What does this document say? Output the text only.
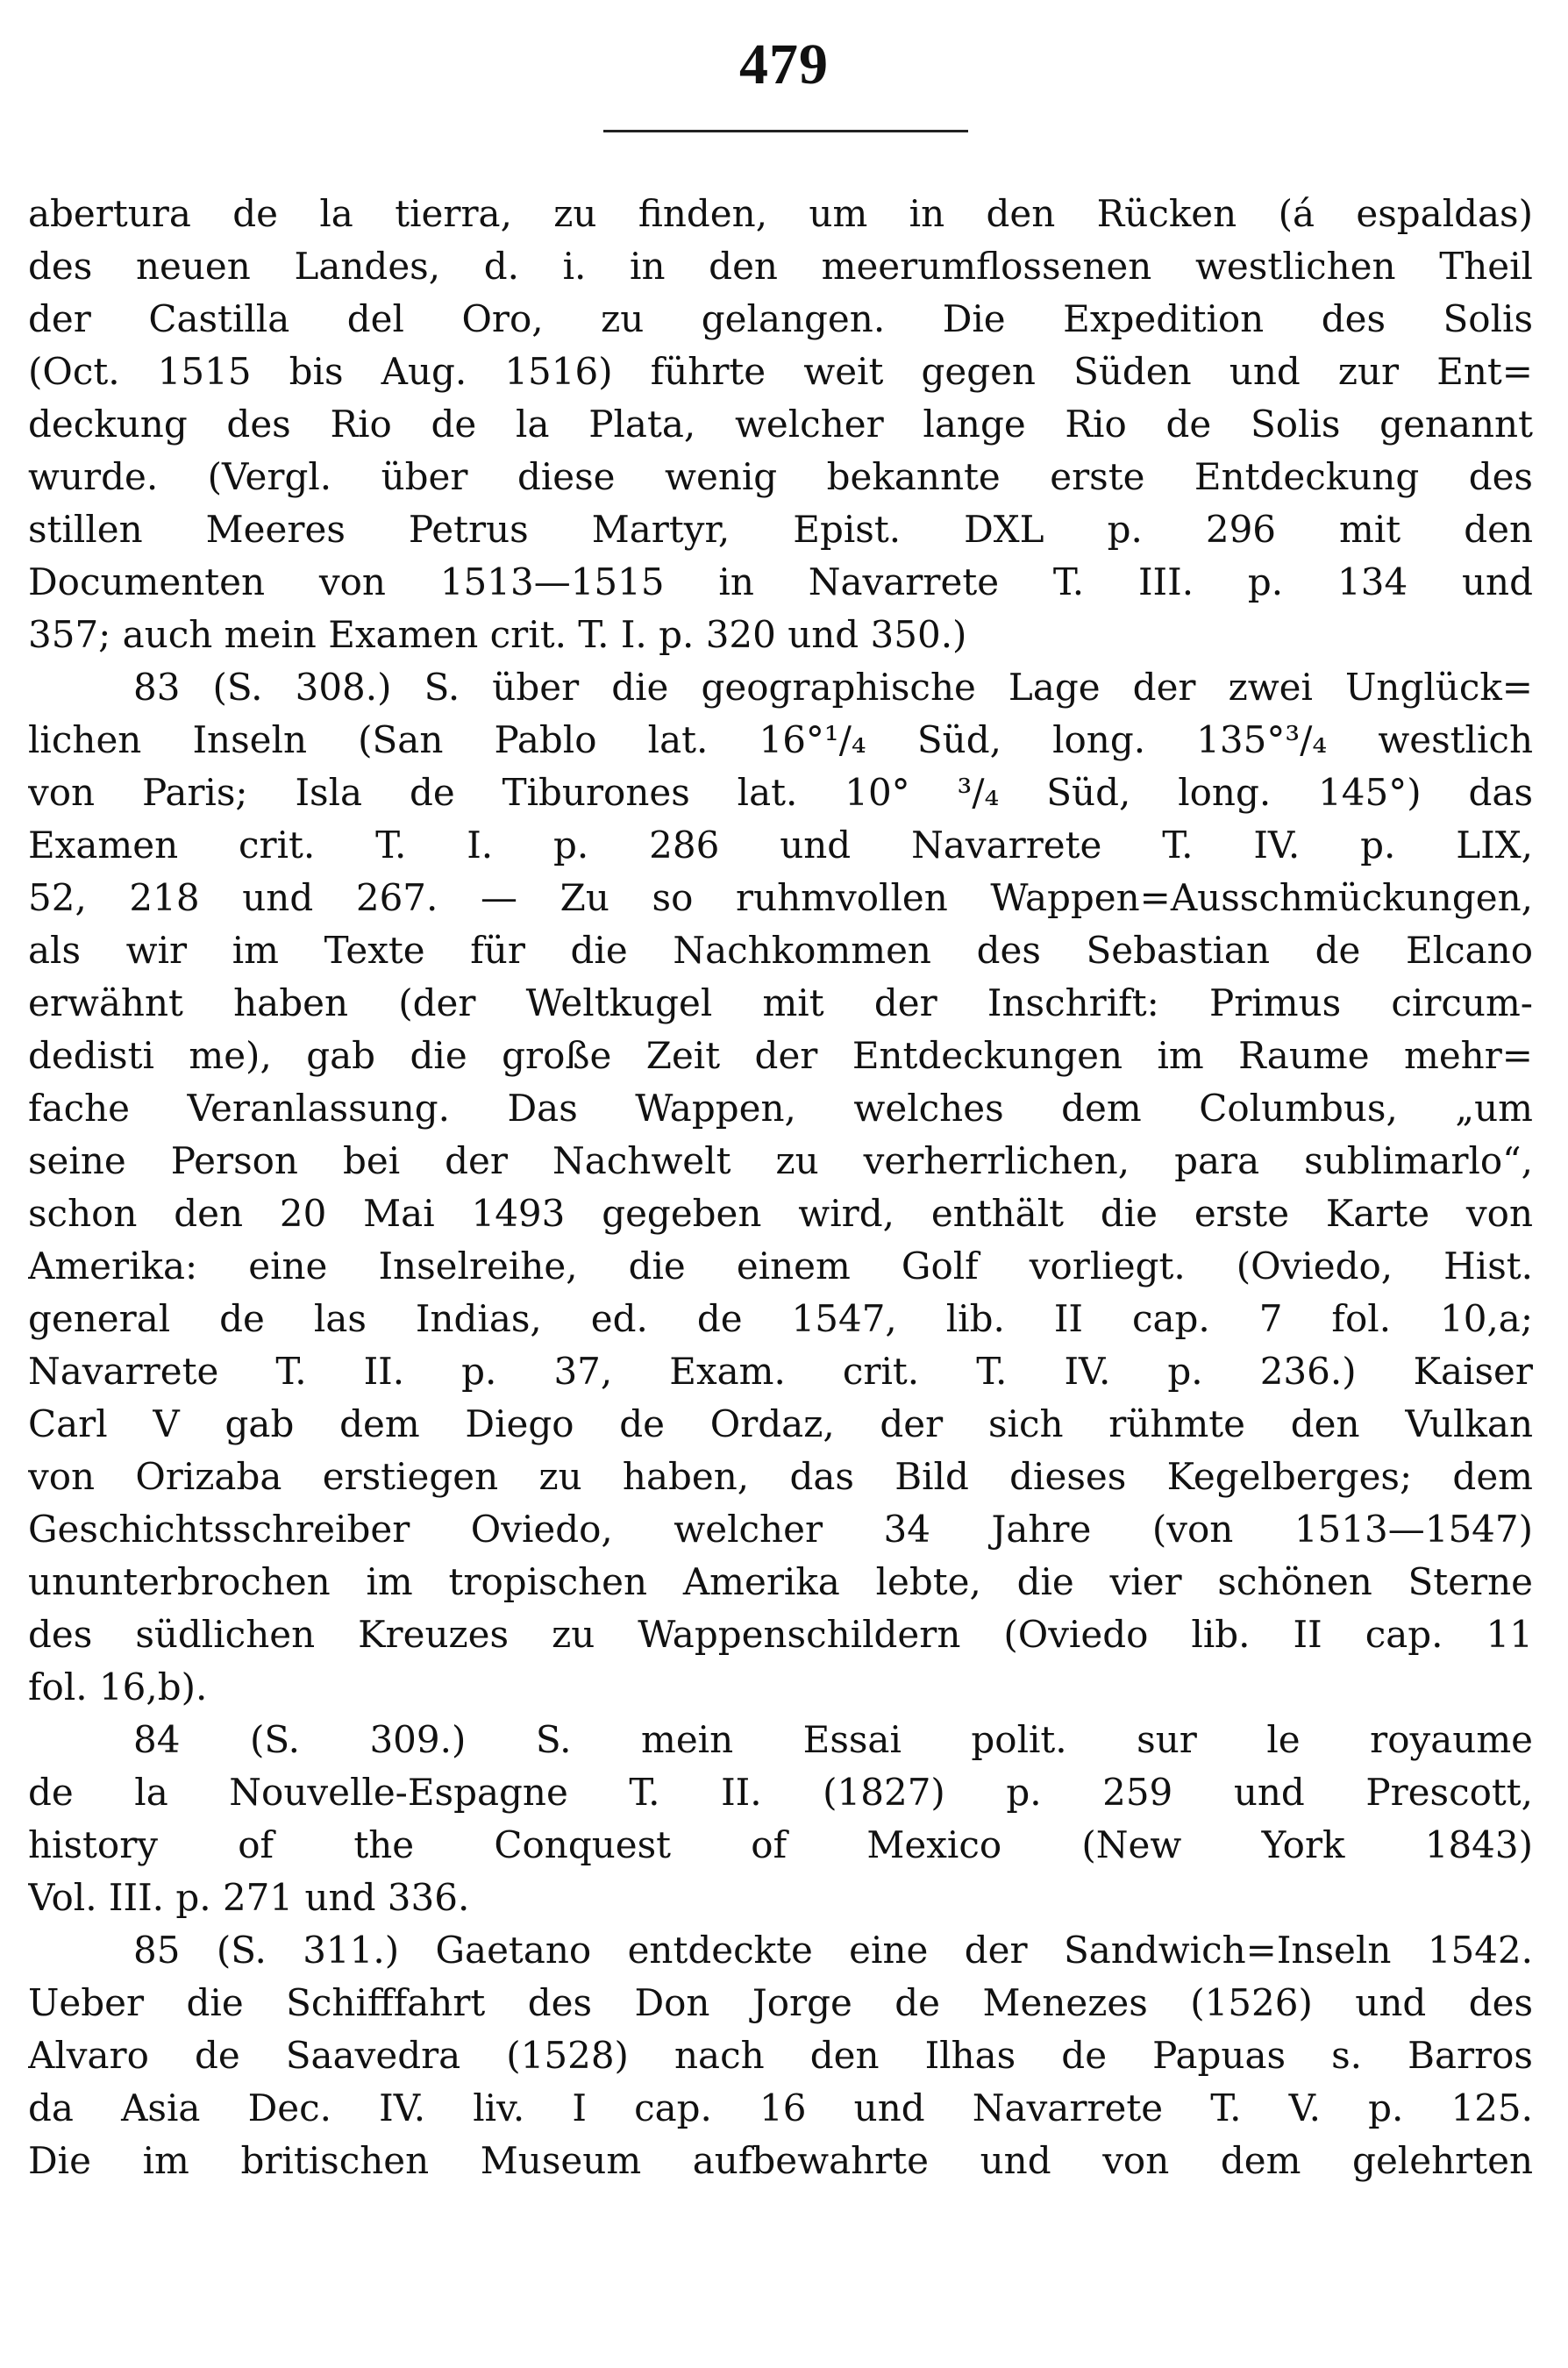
479
abertura de la tierra, zu finden, um in den Rücken (á espaldas)
des neuen Landes, d. i. in den meerumflossenen westlichen Theil
der Castilla del Oro, zu gelangen. Die Expedition des Solis
(Oct. 1515 bis Aug. 1516) führte weit gegen Süden und zur Ent=
deckung des Rio de la Plata, welcher lange Rio de Solis genannt
wurde. (Vergl. über diese wenig bekannte erste Entdeckung des
stillen Meeres Petrus Martyr, Epist. DXL p. 296 mit den
Documenten von 1513—1515 in Navarrete T. III. p. 134 und
357; auch mein Examen crit. T. I. p. 320 und 350.)
83 (S. 308.) S. über die geographische Lage der zwei Unglück=
lichen Inseln (San Pablo lat. 16°¹/₄ Süd, long. 135°³/₄ westlich
von Paris; Isla de Tiburones lat. 10° ³/₄ Süd, long. 145°) das
Examen crit. T. I. p. 286 und Navarrete T. IV. p. LIX,
52, 218 und 267. — Zu so ruhmvollen Wappen=Ausschmückungen,
als wir im Texte für die Nachkommen des Sebastian de Elcano
erwähnt haben (der Weltkugel mit der Inschrift: Primus circum-
dedisti me), gab die große Zeit der Entdeckungen im Raume mehr=
fache Veranlassung. Das Wappen, welches dem Columbus, „um
seine Person bei der Nachwelt zu verherrlichen, para sublimarlo“,
schon den 20 Mai 1493 gegeben wird, enthält die erste Karte von
Amerika: eine Inselreihe, die einem Golf vorliegt. (Oviedo, Hist.
general de las Indias, ed. de 1547, lib. II cap. 7 fol. 10,a;
Navarrete T. II. p. 37, Exam. crit. T. IV. p. 236.) Kaiser
Carl V gab dem Diego de Ordaz, der sich rühmte den Vulkan
von Orizaba erstiegen zu haben, das Bild dieses Kegelberges; dem
Geschichtsschreiber Oviedo, welcher 34 Jahre (von 1513—1547)
ununterbrochen im tropischen Amerika lebte, die vier schönen Sterne
des südlichen Kreuzes zu Wappenschildern (Oviedo lib. II cap. 11
fol. 16,b).
84 (S. 309.) S. mein Essai polit. sur le royaume
de la Nouvelle-Espagne T. II. (1827) p. 259 und Prescott,
history of the Conquest of Mexico (New York 1843)
Vol. III. p. 271 und 336.
85 (S. 311.) Gaetano entdeckte eine der Sandwich=Inseln 1542.
Ueber die Schifffahrt des Don Jorge de Menezes (1526) und des
Alvaro de Saavedra (1528) nach den Ilhas de Papuas s. Barros
da Asia Dec. IV. liv. I cap. 16 und Navarrete T. V. p. 125.
Die im britischen Museum aufbewahrte und von dem gelehrten
